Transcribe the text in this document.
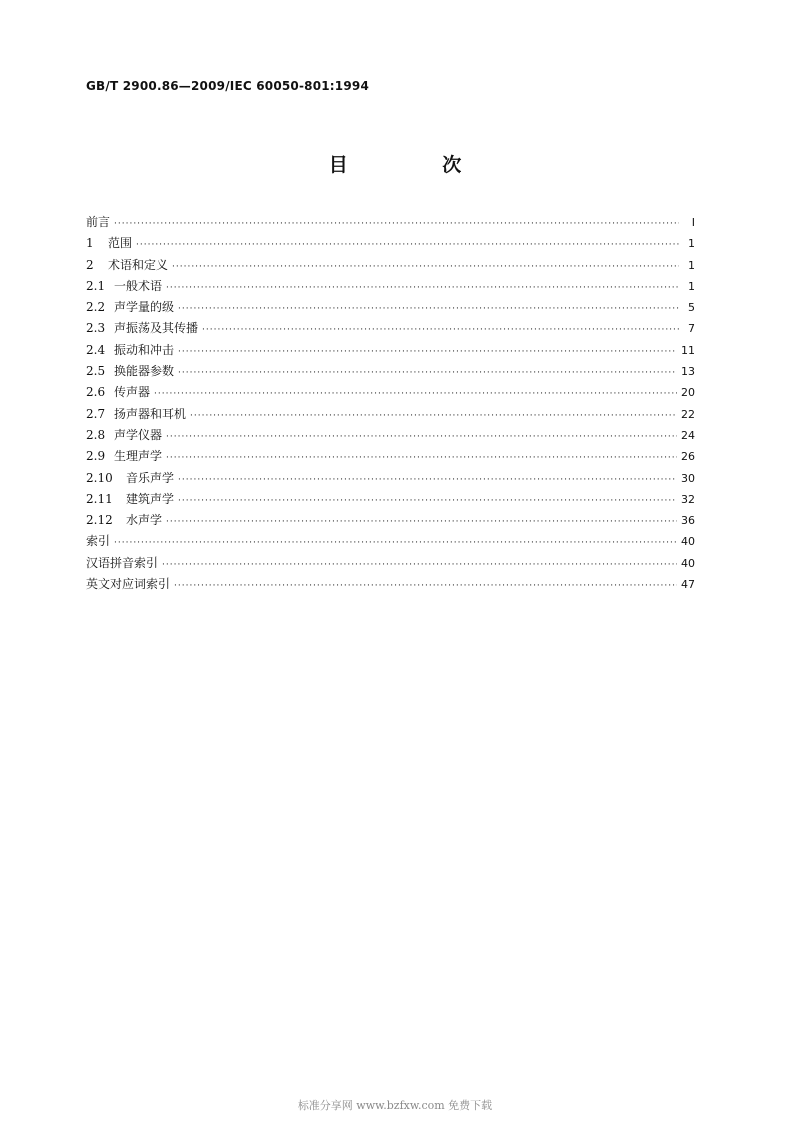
GB/T 2900.86—2009/IEC 60050-801:1994
目 次
前言 ·····	Ⅰ
1	范围 ·····	1
2	术语和定义 ·····	1
2.1 一般术语 ·····	1
2.2 声学量的级 ·····	5
2.3 声振荡及其传播 ·····	7
2.4 振动和冲击 ·····	11
2.5 换能器参数 ·····	13
2.6 传声器 ·····	20
2.7 扬声器和耳机 ·····	22
2.8 声学仪器 ·····	24
2.9 生理声学 ·····	26
2.10	音乐声学 ·····	30
2.11	建筑声学 ·····	32
2.12	水声学 ·····	36
索引 ·····	40
汉语拼音索引 ·····	40
英文对应词索引 ·····	47
标准分享网 www.bzfxw.com 免费下载
